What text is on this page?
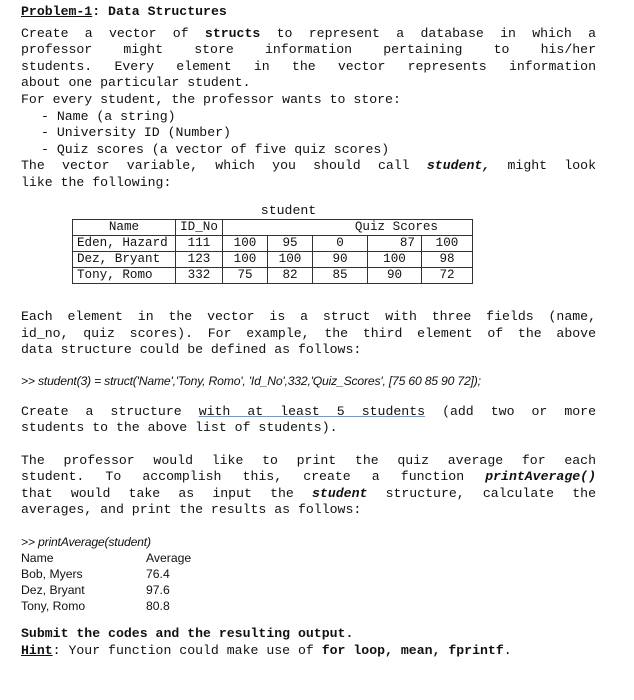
Problem-1: Data Structures
Create a vector of structs to represent a database in which a
professor might store information pertaining to his/her
students. Every element in the vector represents information
about one particular student.
For every student, the professor wants to store:
- Name (a string)
- University ID (Number)
- Quiz scores (a vector of five quiz scores)
The vector variable, which you should call student, might look
like the following:
student
Name	ID_No	Quiz Scores				
Eden, Hazard	111	100	95	0	87	100
Dez, Bryant	123	100	100	90	100	98
Tony, Romo	332	75	82	85	90	72
Each element in the vector is a struct with three fields (name,
id_no, quiz scores). For example, the third element of the above
data structure could be defined as follows:
>> student(3) = struct('Name','Tony, Romo', 'Id_No',332,'Quiz_Scores', [75 60 85 90 72]);
Create a structure with at least 5 students (add two or more
students to the above list of students).
The professor would like to print the quiz average for each
student. To accomplish this, create a function printAverage()
that would take as input the student structure, calculate the
averages, and print the results as follows:
>> printAverage(student)
Name	Average
Bob, Myers	76.4
Dez, Bryant	97.6
Tony, Romo	80.8
Submit the codes and the resulting output.
Hint: Your function could make use of for loop, mean, fprintf.
